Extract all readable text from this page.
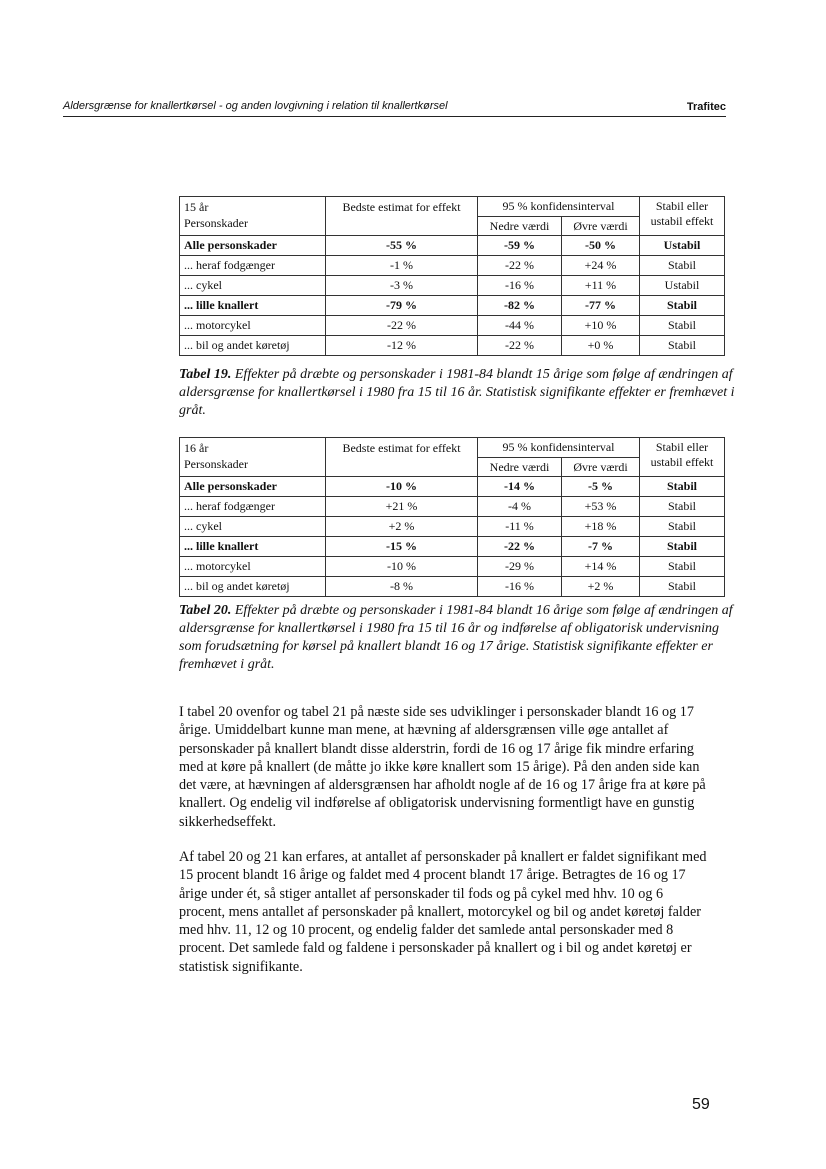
Aldersgrænse for knallertkørsel - og anden lovgivning i relation til knallertkørsel	Trafitec
15 år
Personskader	Bedste estimat for effekt	95 % konfidensinterval		Stabil eller ustabil effekt
		Nedre værdi	Øvre værdi	
Alle personskader	-55 %	-59 %	-50 %	Ustabil
... heraf fodgænger	-1 %	-22 %	+24 %	Stabil
... cykel	-3 %	-16 %	+11 %	Ustabil
... lille knallert	-79 %	-82 %	-77 %	Stabil
... motorcykel	-22 %	-44 %	+10 %	Stabil
... bil og andet køretøj	-12 %	-22 %	+0 %	Stabil
Tabel 19. Effekter på dræbte og personskader i 1981-84 blandt 15 årige som følge af ændringen af aldersgrænse for knallertkørsel i 1980 fra 15 til 16 år. Statistisk signifikante effekter er fremhævet i gråt.
16 år
Personskader	Bedste estimat for effekt	95 % konfidensinterval		Stabil eller ustabil effekt
		Nedre værdi	Øvre værdi	
Alle personskader	-10 %	-14 %	-5 %	Stabil
... heraf fodgænger	+21 %	-4 %	+53 %	Stabil
... cykel	+2 %	-11 %	+18 %	Stabil
... lille knallert	-15 %	-22 %	-7 %	Stabil
... motorcykel	-10 %	-29 %	+14 %	Stabil
... bil og andet køretøj	-8 %	-16 %	+2 %	Stabil
Tabel 20. Effekter på dræbte og personskader i 1981-84 blandt 16 årige som følge af ændringen af aldersgrænse for knallertkørsel i 1980 fra 15 til 16 år og indførelse af obligatorisk undervisning som forudsætning for kørsel på knallert blandt 16 og 17 årige. Statistisk signifikante effekter er fremhævet i gråt.

I tabel 20 ovenfor og tabel 21 på næste side ses udviklinger i personskader blandt 16 og 17 årige. Umiddelbart kunne man mene, at hævning af aldersgrænsen ville øge antallet af personskader på knallert blandt disse alderstrin, fordi de 16 og 17 årige fik mindre erfaring med at køre på knallert (de måtte jo ikke køre knallert som 15 årige). På den anden side kan det være, at hævningen af aldersgrænsen har afholdt nogle af de 16 og 17 årige fra at køre på knallert. Og endelig vil indførelse af obligatorisk undervisning formentligt have en gunstig sikkerhedseffekt.

Af tabel 20 og 21 kan erfares, at antallet af personskader på knallert er faldet signifikant med 15 procent blandt 16 årige og faldet med 4 procent blandt 17 årige. Betragtes de 16 og 17 årige under ét, så stiger antallet af personskader til fods og på cykel med hhv. 10 og 6 procent, mens antallet af personskader på knallert, motorcykel og bil og andet køretøj falder med hhv. 11, 12 og 10 procent, og endelig falder det samlede antal personskader med 8 procent. Det samlede fald og faldene i personskader på knallert og i bil og andet køretøj er statistisk signifikante.

59
